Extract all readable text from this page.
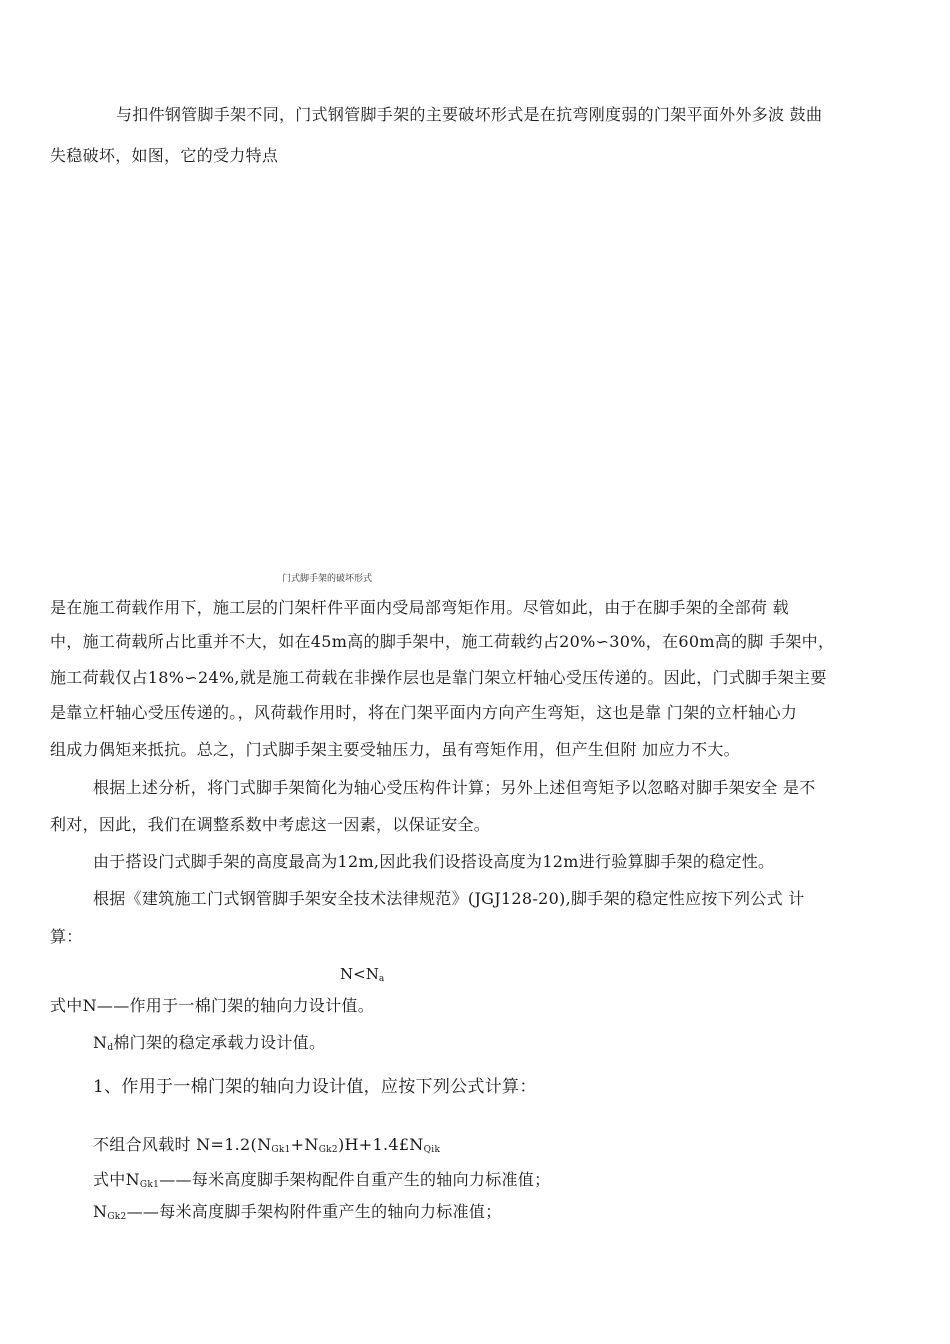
与扣件钢管脚手架不同，门式钢管脚手架的主要破坏形式是在抗弯刚度弱的门架平面外外多波 鼓曲
失稳破坏，如图，它的受力特点
门式脚手架的破坏形式
是在施工荷载作用下，施工层的门架杆件平面内受局部弯矩作用。尽管如此，由于在脚手架的全部荷 载
中，施工荷载所占比重并不大，如在45m高的脚手架中，施工荷载约占20%∽30%，在60m高的脚 手架中，
施工荷载仅占18%∽24%,就是施工荷载在非操作层也是靠门架立杆轴心受压传递的。因此，门式脚手架主要
是靠立杆轴心受压传递的。，风荷载作用时，将在门架平面内方向产生弯矩，这也是靠 门架的立杆轴心力
组成力偶矩来抵抗。总之，门式脚手架主要受轴压力，虽有弯矩作用，但产生但附 加应力不大。
根据上述分析，将门式脚手架简化为轴心受压构件计算；另外上述但弯矩予以忽略对脚手架安全 是不
利对，因此，我们在调整系数中考虑这一因素，以保证安全。
由于搭设门式脚手架的高度最高为12m,因此我们设搭设高度为12m进行验算脚手架的稳定性。
根据《建筑施工门式钢管脚手架安全技术法律规范》(JGJ128-20),脚手架的稳定性应按下列公式 计
算：
$N<N_a$
式中N——作用于一棉门架的轴向力设计值。
$N_d$棉门架的稳定承载力设计值。
1、作用于一棉门架的轴向力设计值，应按下列公式计算：
不组合风载时 $N=1.2(N_{Gk1}+N_{Gk2})H+1.4£N_{Qik}$
式中$N_{Gk1}——$每米高度脚手架构配件自重产生的轴向力标准值；
$N_{Gk2}——$每米高度脚手架构附件重产生的轴向力标准值；
